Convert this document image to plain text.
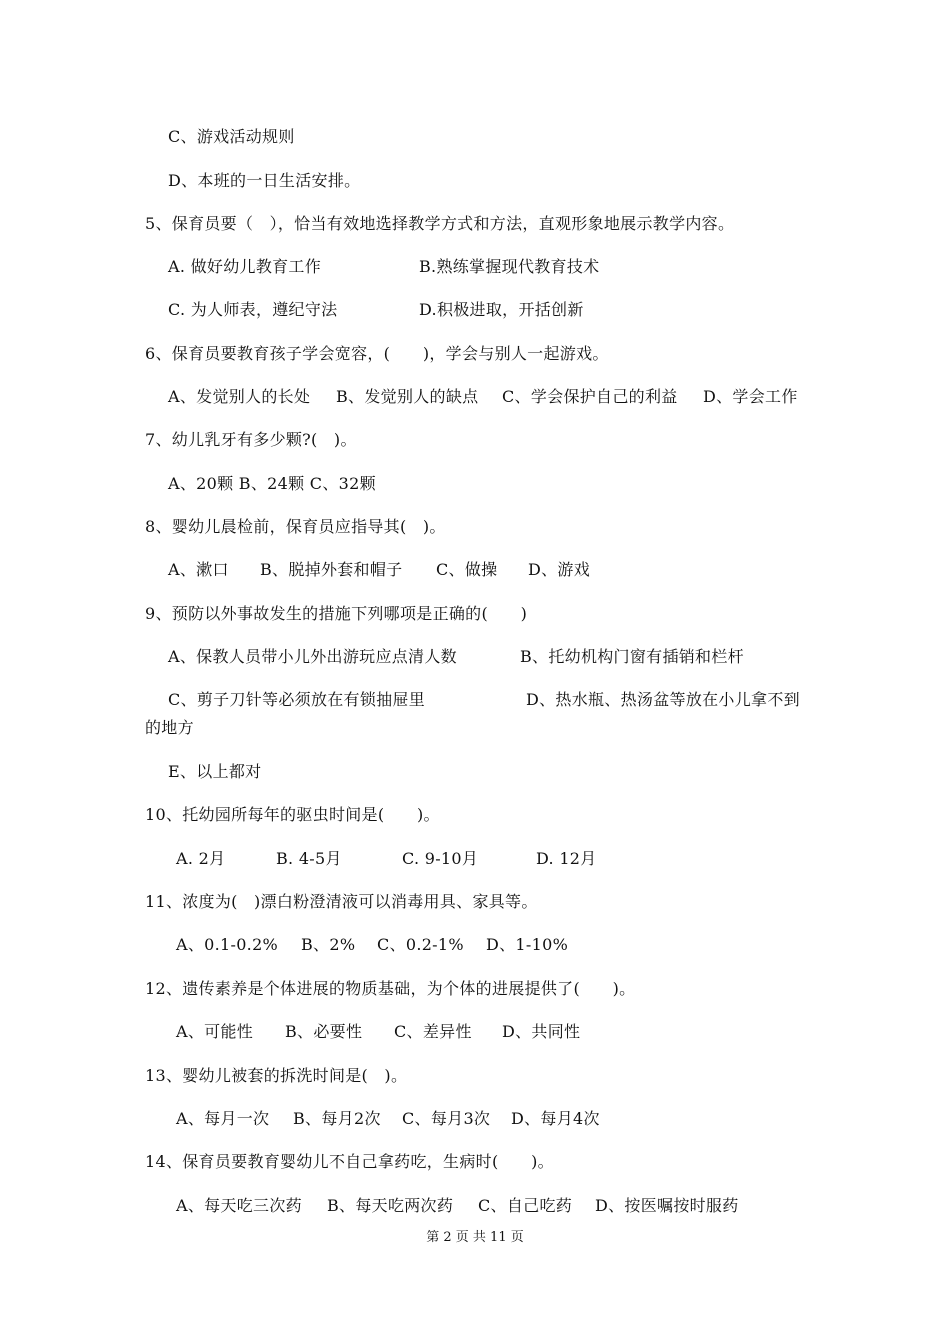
C、游戏活动规则
D、本班的一日生活安排。
5、保育员要（　），恰当有效地选择教学方式和方法，直观形象地展示教学内容。
A. 做好幼儿教育工作	B.熟练掌握现代教育技术
C. 为人师表，遵纪守法	D.积极进取，开括创新
6、保育员要教育孩子学会宽容，(　　)，学会与别人一起游戏。
A、发觉别人的长处 B、发觉别人的缺点 C、学会保护自己的利益 D、学会工作
7、幼儿乳牙有多少颗?(　)。
A、20颗 B、24颗 C、32颗
8、婴幼儿晨检前，保育员应指导其(　)。
A、漱口 B、脱掉外套和帽子 C、做操 D、游戏
9、预防以外事故发生的措施下列哪项是正确的(　　)
A、保教人员带小儿外出游玩应点清人数	B、托幼机构门窗有插销和栏杆
C、剪子刀针等必须放在有锁抽屉里	D、热水瓶、热汤盆等放在小儿拿不到
的地方
E、以上都对
10、托幼园所每年的驱虫时间是(　　)。
A. 2月	B. 4-5月	C. 9-10月	D. 12月
11、浓度为(　)漂白粉澄清液可以消毒用具、家具等。
A、0.1-0.2% B、2% C、0.2-1% D、1-10%
12、遗传素养是个体进展的物质基础，为个体的进展提供了(　　)。
A、可能性 B、必要性 C、差异性 D、共同性
13、婴幼儿被套的拆洗时间是(　)。
A、每月一次 B、每月2次 C、每月3次 D、每月4次
14、保育员要教育婴幼儿不自己拿药吃，生病时(　　)。
A、每天吃三次药 B、每天吃两次药 C、自己吃药 D、按医嘱按时服药
第 2 页 共 11 页
